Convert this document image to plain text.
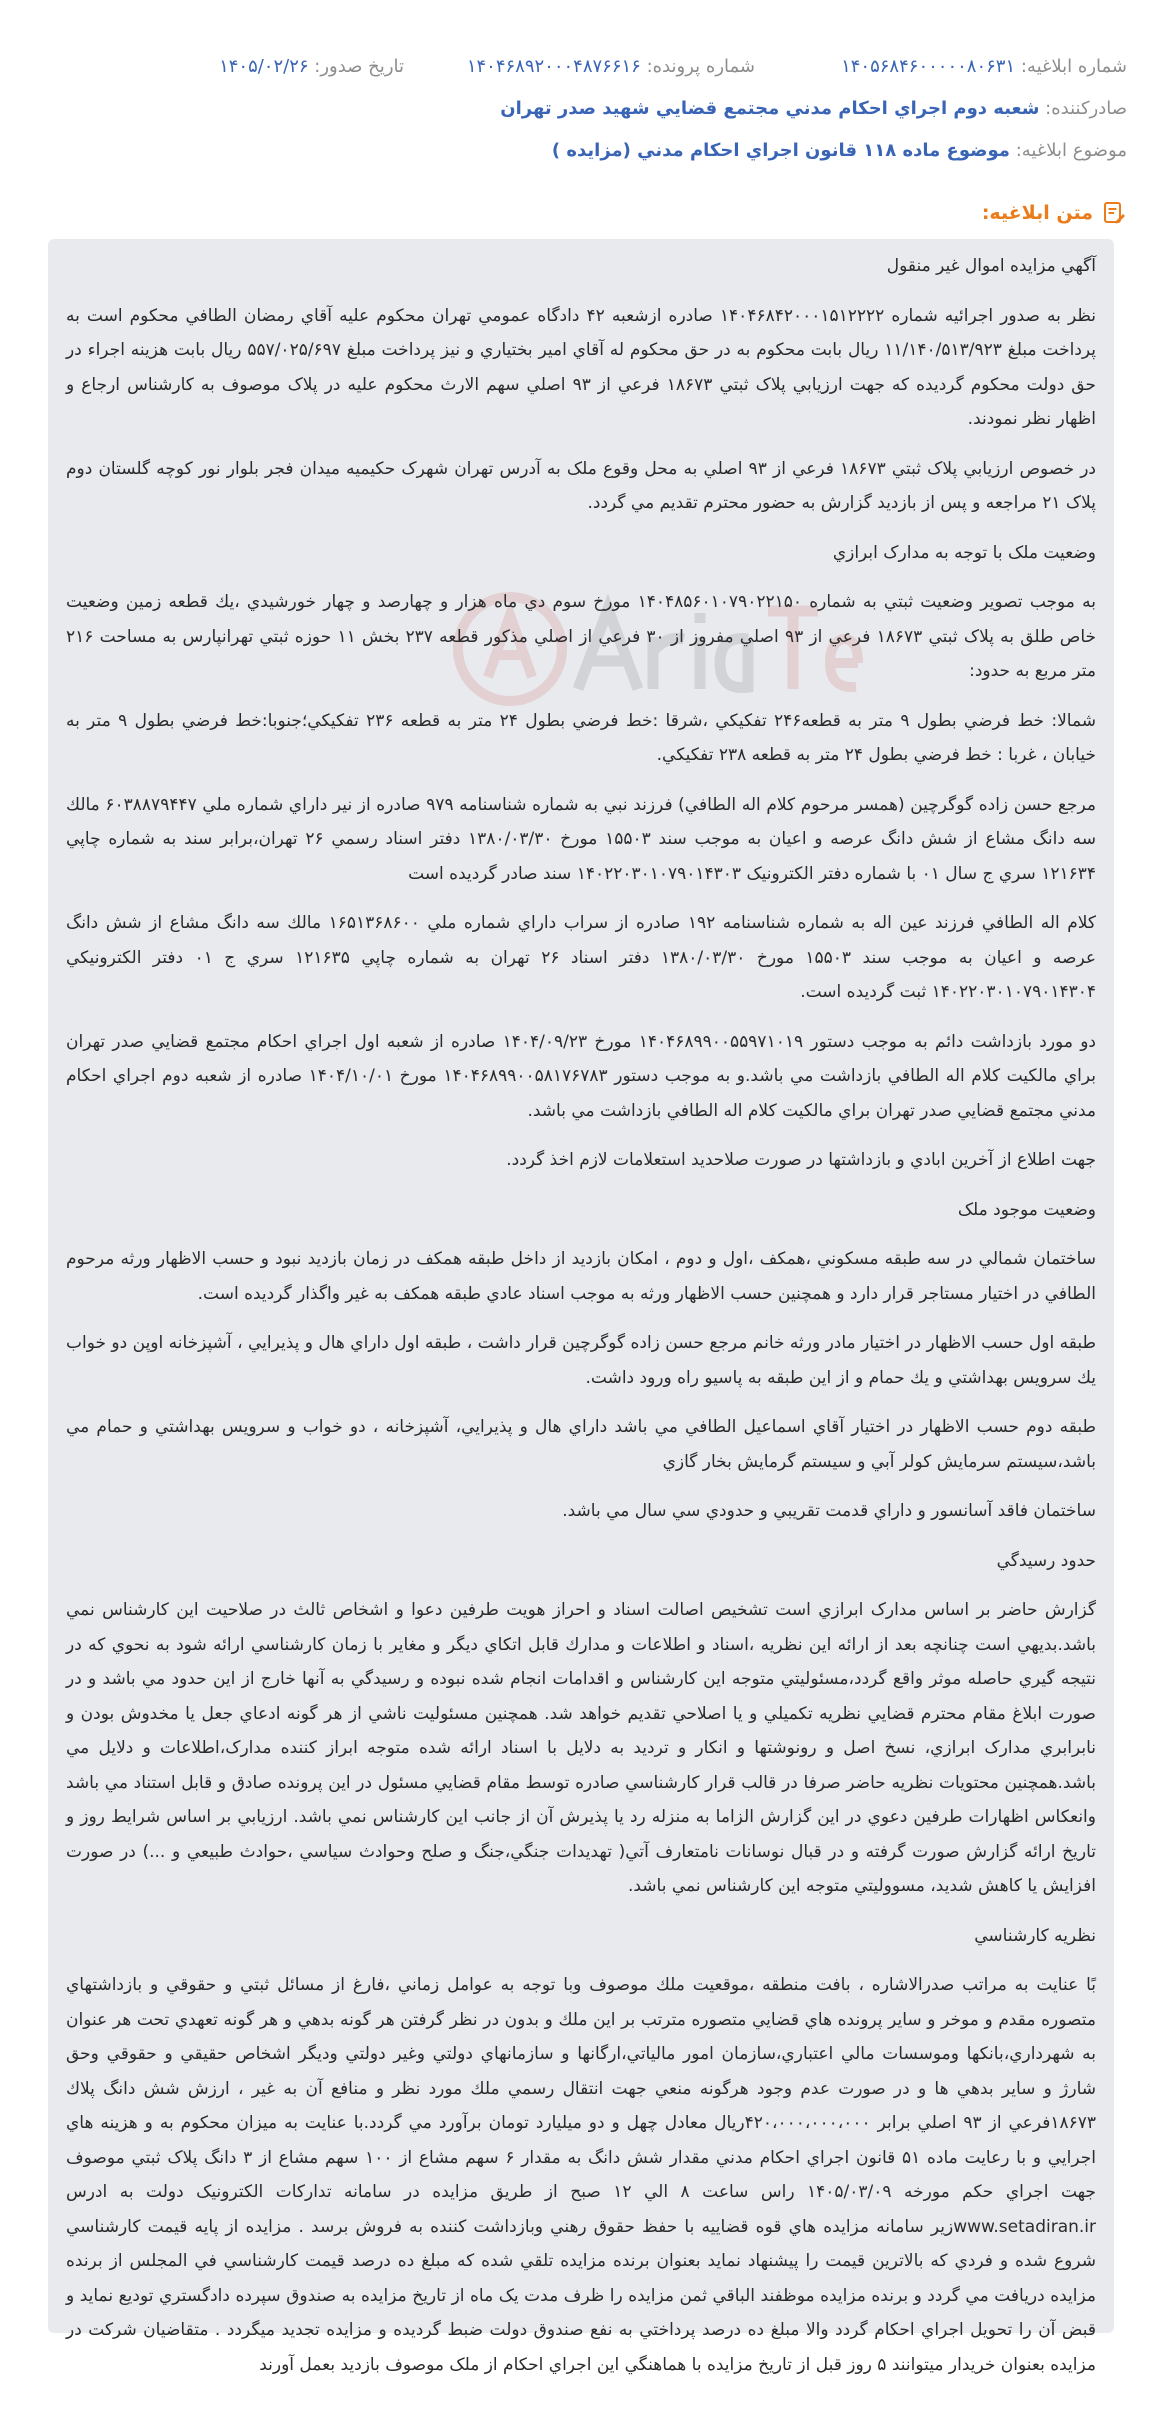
شماره ابلاغيه: ۱۴۰۵۶۸۴۶۰۰۰۰۰۸۰۶۳۱
شماره پرونده: ۱۴۰۴۶۸۹۲۰۰۰۴۸۷۶۶۱۶
تاريخ صدور: ۱۴۰۵/۰۲/۲۶
صادرکننده: شعبه دوم اجراي احکام مدني مجتمع قضايي شهيد صدر تهران
موضوع ابلاغیه: موضوع ماده ۱۱۸ قانون اجراي احکام مدني (مزايده )
متن ابلاغیه:

آگهي مزايده اموال غير منقول

نظر به صدور اجرائيه شماره ۱۴۰۴۶۸۴۲۰۰۰۱۵۱۲۲۲۲ صادره ازشعبه ۴۲ دادگاه عمومي تهران محکوم عليه آقاي رمضان الطافي محکوم است به پرداخت مبلغ ۱۱/۱۴۰/۵۱۳/۹۲۳ ريال بابت محکوم به در حق محکوم له آقاي امير بختياري و نيز پرداخت مبلغ ۵۵۷/۰۲۵/۶۹۷ ريال بابت هزينه اجراء در حق دولت محکوم گرديده که جهت ارزيابي پلاک ثبتي ۱۸۶۷۳ فرعي از ۹۳ اصلي سهم الارث محکوم عليه در پلاک موصوف به کارشناس ارجاع و اظهار نظر نمودند.

در خصوص ارزيابي پلاک ثبتي ۱۸۶۷۳ فرعي از ۹۳ اصلي به محل وقوع ملک به آدرس تهران شهرک حکيميه ميدان فجر بلوار نور کوچه گلستان دوم پلاک ۲۱ مراجعه و پس از بازديد گزارش به حضور محترم تقديم مي گردد.

وضعيت ملک با توجه به مدارک ابرازي

به موجب تصوير وضعيت ثبتي به شماره ۱۴۰۴۸۵۶۰۱۰۷۹۰۲۲۱۵۰ مورخ سوم دي ماه هزار و چهارصد و چهار خورشيدي ،يك قطعه زمين وضعيت خاص طلق به پلاک ثبتي ۱۸۶۷۳ فرعي از ۹۳ اصلي مفروز از ۳۰ فرعي از اصلي مذکور قطعه ۲۳۷ بخش ۱۱ حوزه ثبتي تهرانپارس به مساحت ۲۱۶ متر مربع به حدود:

شمالا: خط فرضي بطول ۹ متر به قطعه۲۴۶ تفکيکي ،شرقا :خط فرضي بطول ۲۴ متر به قطعه ۲۳۶ تفکيکي؛جنوبا:خط فرضي بطول ۹ متر به خيابان ، غربا : خط فرضي بطول ۲۴ متر به قطعه ۲۳۸ تفکيکي.

مرجع حسن زاده گوگرچين (همسر مرحوم کلام اله الطافي) فرزند نبي به شماره شناسنامه ۹۷۹ صادره از نير داراي شماره ملي ۶۰۳۸۸۷۹۴۴۷ مالك سه دانگ مشاع از شش دانگ عرصه و اعيان به موجب سند ۱۵۵۰۳ مورخ ۱۳۸۰/۰۳/۳۰ دفتر اسناد رسمي ۲۶ تهران،برابر سند به شماره چاپي ۱۲۱۶۳۴ سري ج سال ۰۱ با شماره دفتر الکترونيک ۱۴۰۲۲۰۳۰۱۰۷۹۰۱۴۳۰۳ سند صادر گرديده است

کلام اله الطافي فرزند عين اله به شماره شناسنامه ۱۹۲ صادره از سراب داراي شماره ملي ۱۶۵۱۳۶۸۶۰۰ مالك سه دانگ مشاع از شش دانگ عرصه و اعيان به موجب سند ۱۵۵۰۳ مورخ ۱۳۸۰/۰۳/۳۰ دفتر اسناد ۲۶ تهران به شماره چاپي ۱۲۱۶۳۵ سري ج ۰۱ دفتر الکترونيکي ۱۴۰۲۲۰۳۰۱۰۷۹۰۱۴۳۰۴ ثبت گرديده است.

دو مورد بازداشت دائم به موجب دستور ۱۴۰۴۶۸۹۹۰۰۵۵۹۷۱۰۱۹ مورخ ۱۴۰۴/۰۹/۲۳ صادره از شعبه اول اجراي احکام مجتمع قضايي صدر تهران براي مالکيت کلام اله الطافي بازداشت مي باشد.و به موجب دستور ۱۴۰۴۶۸۹۹۰۰۵۸۱۷۶۷۸۳ مورخ ۱۴۰۴/۱۰/۰۱ صادره از شعبه دوم اجراي احکام مدني مجتمع قضايي صدر تهران براي مالکيت کلام اله الطافي بازداشت مي باشد.

جهت اطلاع از آخرين ابادي و بازداشتها در صورت صلاحديد استعلامات لازم اخذ گردد.

وضعيت موجود ملک

ساختمان شمالي در سه طبقه مسکوني ،همکف ،اول و دوم ، امکان بازديد از داخل طبقه همکف در زمان بازديد نبود و حسب الاظهار ورثه مرحوم الطافي در اختيار مستاجر قرار دارد و همچنين حسب الاظهار ورثه به موجب اسناد عادي طبقه همکف به غير واگذار گرديده است.

طبقه اول حسب الاظهار در اختيار مادر ورثه خانم مرجع حسن زاده گوگرچين قرار داشت ، طبقه اول داراي هال و پذيرايي ، آشپزخانه اوپن دو خواب يك سرويس بهداشتي و يك حمام و از اين طبقه به پاسيو راه ورود داشت.

طبقه دوم حسب الاظهار در اختيار آقاي اسماعيل الطافي مي باشد داراي هال و پذيرايي، آشپزخانه ، دو خواب و سرويس بهداشتي و حمام مي باشد،سيستم سرمايش کولر آبي و سيستم گرمايش بخار گازي

ساختمان فاقد آسانسور و داراي قدمت تقريبي و حدودي سي سال مي باشد.

حدود رسيدگي

گزارش حاضر بر اساس مدارک ابرازي است تشخيص اصالت اسناد و احراز هويت طرفين دعوا و اشخاص ثالث در صلاحيت اين کارشناس نمي باشد.بديهي است چنانچه بعد از ارائه اين نظريه ،اسناد و اطلاعات و مدارك قابل اتكاي ديگر و مغاير با زمان کارشناسي ارائه شود به نحوي كه در نتيجه گيري حاصله موثر واقع گردد،مسئوليتي متوجه اين کارشناس و اقدامات انجام شده نبوده و رسيدگي به آنها خارج از اين حدود مي باشد و در صورت ابلاغ مقام محترم قضايي نظريه تکميلي و يا اصلاحي تقديم خواهد شد. همچنين مسئوليت ناشي از هر گونه ادعاي جعل يا مخدوش بودن و نابرابري مدارک ابرازي، نسخ اصل و رونوشتها و انكار و ترديد به دلايل با اسناد ارائه شده متوجه ابراز کننده مدارک،اطلاعات و دلايل مي باشد.همچنين محتويات نظريه حاضر صرفا در قالب قرار کارشناسي صادره توسط مقام قضايي مسئول در اين پرونده صادق و قابل استناد مي باشد وانعکاس اظهارات طرفين دعوي در اين گزارش الزاما به منزله رد يا پذيرش آن از جانب اين کارشناس نمي باشد. ارزيابي بر اساس شرايط روز و تاريخ ارائه گزارش صورت گرفته و در قبال نوسانات نامتعارف آتي( تهديدات جنگي،جنگ و صلح وحوادث سياسي ،حوادث طبيعي و ...) در صورت افزايش يا كاهش شديد، مسووليتي متوجه اين كارشناس نمي باشد.

نظريه کارشناسي

بًا عنايت به مراتب صدرالاشاره ، بافت منطقه ،موقعيت ملك موصوف وبا توجه به عوامل زماني ،فارغ از مسائل ثبتي و حقوقي و بازداشتهاي متصوره مقدم و موخر و ساير پرونده هاي قضايي متصوره مترتب بر اين ملك و بدون در نظر گرفتن هر گونه بدهي و هر گونه تعهدي تحت هر عنوان به شهرداري،بانكها وموسسات مالي اعتباري،سازمان امور مالياتي،ارگانها و سازمانهاي دولتي وغير دولتي وديگر اشخاص حقيقي و حقوقي وحق شارژ و ساير بدهي ها و در صورت عدم وجود هرگونه منعي جهت انتقال رسمي ملك مورد نظر و منافع آن به غير ، ارزش شش دانگ پلاك ۱۸۶۷۳فرعي از ۹۳ اصلي برابر ۴۲۰،۰۰۰،۰۰۰،۰۰۰ريال معادل چهل و دو ميليارد تومان برآورد مي گردد.با عنايت به ميزان محکوم به و هزينه هاي اجرايي و با رعايت ماده ۵۱ قانون اجراي احکام مدني مقدار شش دانگ به مقدار ۶ سهم مشاع از ۱۰۰ سهم مشاع از ۳ دانگ پلاک ثبتي موصوف جهت اجراي حکم مورخه ۱۴۰۵/۰۳/۰۹ راس ساعت ۸ الي ۱۲ صبح از طريق مزايده در سامانه تدارکات الکترونيک دولت به ادرس www.setadiran.irزير سامانه مزايده هاي قوه قضاييه با حفظ حقوق رهني وبازداشت كننده به فروش برسد . مزايده از پايه قيمت کارشناسي شروع شده و فردي که بالاترين قيمت را پيشنهاد نمايد بعنوان برنده مزايده تلقي شده که مبلغ ده درصد قيمت کارشناسي في المجلس از برنده مزايده دريافت مي گردد و برنده مزايده موظفند الباقي ثمن مزايده را ظرف مدت يک ماه از تاريخ مزايده به صندوق سپرده دادگستري توديع نمايد و قبض آن را تحويل اجراي احکام گردد والا مبلغ ده درصد پرداختي به نفع صندوق دولت ضبط گرديده و مزايده تجديد ميگردد . متقاضيان شرکت در مزايده بعنوان خريدار ميتوانند ۵ روز قبل از تاريخ مزايده با هماهنگي اين اجراي احکام از ملک موصوف بازديد بعمل آورند
